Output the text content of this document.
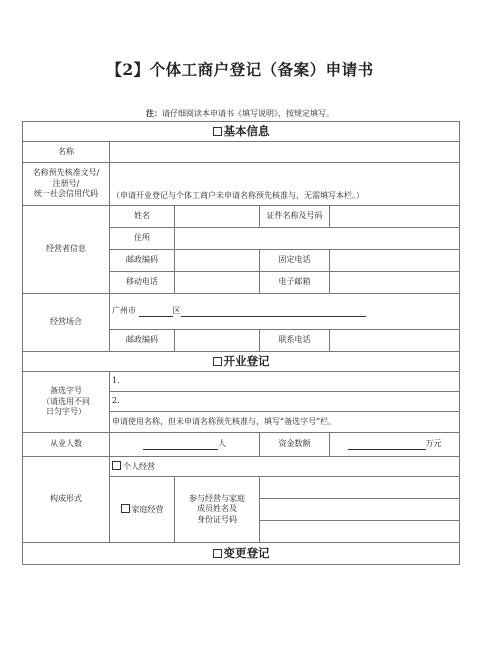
【2】个体工商户登记（备案）申请书
注：请仔细阅读本申请书《填写说明》，按规定填写。
基本信息				
名称				

名称预先核准文号/
注册号/
统一社会信用代码	（申请开业登记与个体工商户未申请名称预先核准与，无需填写本栏。）			
经营者信息	姓名		证件名称及号码	
	住所			
	邮政编码		固定电话	
	移动电话		电子邮箱	
经营场合	广州市 区			
	邮政编码		联系电话	
开业登记				

备选字号
（请选用不同
日匀字号）	1.			
	2.			
	申请使用名称，但未申请名称预先核准与，填写“备选字号”栏。			
从业人数	人		资金数额	万元
构成形式	个人经营			
	家庭经营	参与经营与家庭
成员姓名及
身份证号码		

变更登记				
